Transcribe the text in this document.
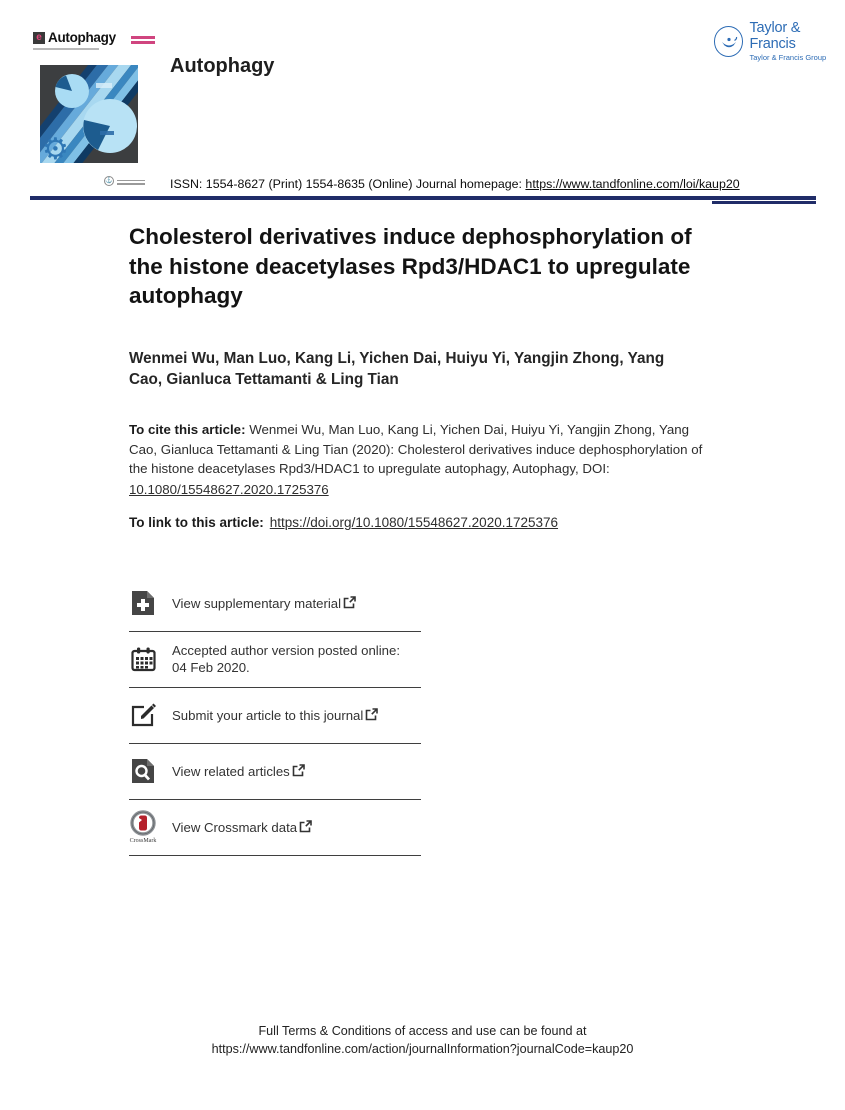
e Autophagy
⚙
⚓
Autophagy
ISSN: 1554-8627 (Print) 1554-8635 (Online) Journal homepage: https://www.tandfonline.com/loi/kaup20
Taylor & Francis
Taylor & Francis Group
Cholesterol derivatives induce dephosphorylation of the histone deacetylases Rpd3/HDAC1 to upregulate autophagy
Wenmei Wu, Man Luo, Kang Li, Yichen Dai, Huiyu Yi, Yangjin Zhong, Yang Cao, Gianluca Tettamanti & Ling Tian

To cite this article: Wenmei Wu, Man Luo, Kang Li, Yichen Dai, Huiyu Yi, Yangjin Zhong, Yang Cao, Gianluca Tettamanti & Ling Tian (2020): Cholesterol derivatives induce dephosphorylation of the histone deacetylases Rpd3/HDAC1 to upregulate autophagy, Autophagy, DOI:
10.1080/15548627.2020.1725376

To link to this article: https://doi.org/10.1080/15548627.2020.1725376

View supplementary material
Accepted author version posted online: 04 Feb 2020.
Submit your article to this journal
View related articles
CrossMark
View Crossmark data
Full Terms & Conditions of access and use can be found at
https://www.tandfonline.com/action/journalInformation?journalCode=kaup20
